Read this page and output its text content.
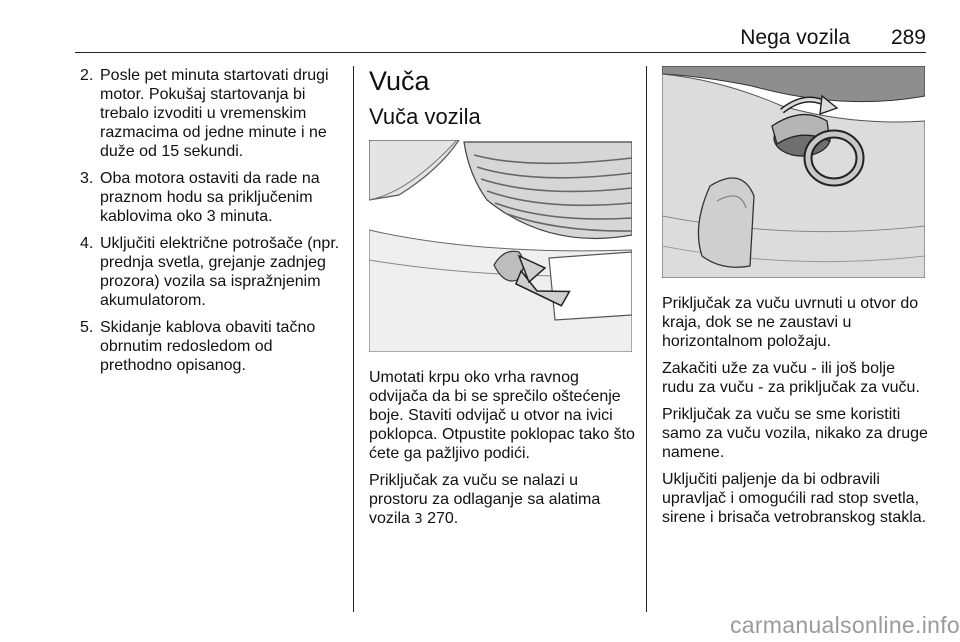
Nega vozila	289
2. Posle pet minuta startovati drugi motor. Pokušaj startovanja bi trebalo izvoditi u vremenskim razmacima od jedne minute i ne duže od 15 sekundi.
3. Oba motora ostaviti da rade na praznom hodu sa priključenim kablovima oko 3 minuta.
4. Uključiti električne potrošače (npr. prednja svetla, grejanje zadnjeg prozora) vozila sa ispražnjenim akumulatorom.
5. Skidanje kablova obaviti tačno obrnutim redosledom od prethodno opisanog.
Vuča
Vuča vozila

Umotati krpu oko vrha ravnog odvijača da bi se sprečilo oštećenje boje. Staviti odvijač u otvor na ivici poklopca. Otpustite poklopac tako što ćete ga pažljivo podići.

Priključak za vuču se nalazi u prostoru za odlaganje sa alatima vozila 3 270.

Priključak za vuču uvrnuti u otvor do kraja, dok se ne zaustavi u horizontalnom položaju.

Zakačiti uže za vuču - ili još bolje rudu za vuču - za priključak za vuču.

Priključak za vuču se sme koristiti samo za vuču vozila, nikako za druge namene.

Uključiti paljenje da bi odbravili upravljač i omogućili rad stop svetla, sirene i brisača vetrobranskog stakla.

carmanualsonline.info
